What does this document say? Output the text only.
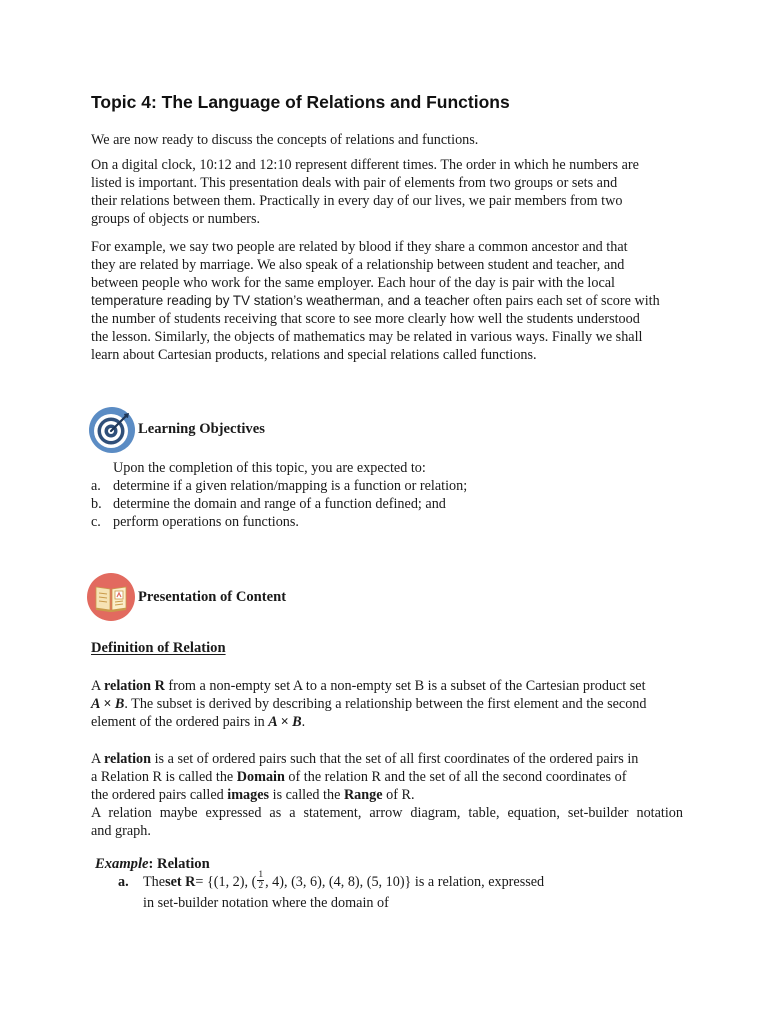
Topic 4: The Language of Relations and Functions

We are now ready to discuss the concepts of relations and functions.

On a digital clock, 10:12 and 12:10 represent different times. The order in which he numbers are
listed is important. This presentation deals with pair of elements from two groups or sets and
their relations between them. Practically in every day of our lives, we pair members from two
groups of objects or numbers.

For example, we say two people are related by blood if they share a common ancestor and that
they are related by marriage. We also speak of a relationship between student and teacher, and
between people who work for the same employer. Each hour of the day is pair with the local
temperature reading by TV station’s weatherman, and a teacher often pairs each set of score with
the number of students receiving that score to see more clearly how well the students understood
the lesson. Similarly, the objects of mathematics may be related in various ways. Finally we shall
learn about Cartesian products, relations and special relations called functions.

Learning Objectives
Upon the completion of this topic, you are expected to:
a. determine if a given relation/mapping is a function or relation;
b. determine the domain and range of a function defined; and
c. perform operations on functions.
Presentation of Content
Definition of Relation

A relation R from a non-empty set A to a non-empty set B is a subset of the Cartesian product set
A × B. The subset is derived by describing a relationship between the first element and the second
element of the ordered pairs in A × B.

A relation is a set of ordered pairs such that the set of all first coordinates of the ordered pairs in
a Relation R is called the Domain of the relation R and the set of all the second coordinates of
the ordered pairs called images is called the Range of R.
A relation maybe expressed as a statement, arrow diagram, table, equation, set-builder notation
and graph.

Example: Relation
a.	The set R = {(1, 2), ( $\frac{1}{2}$ , 4), (3, 6), (4, 8), (5, 10)} is a relation, expressed
in set-builder notation where the domain of
